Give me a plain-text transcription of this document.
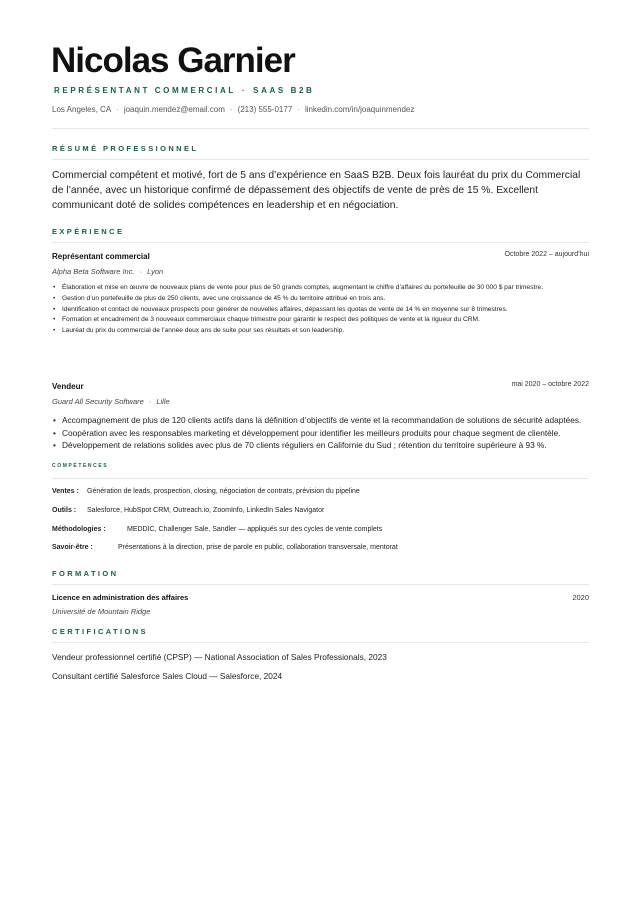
Nicolas Garnier
REPRÉSENTANT COMMERCIAL · SAAS B2B
Los Angeles, CA · joaquin.mendez@email.com · (213) 555-0177 · linkedin.com/in/joaquinmendez
RÉSUMÉ PROFESSIONNEL
Commercial compétent et motivé, fort de 5 ans d’expérience en SaaS B2B. Deux fois lauréat du prix du Commercial de l’année, avec un historique confirmé de dépassement des objectifs de vente de près de 15 %. Excellent communicant doté de solides compétences en leadership et en négociation.
EXPÉRIENCE
Représentant commercial	Octobre 2022 – aujourd’hui
Alpha Beta Software Inc. · Lyon
• Élaboration et mise en œuvre de nouveaux plans de vente pour plus de 50 grands comptes, augmentant le chiffre d’affaires du portefeuille de 30 000 $ par trimestre.
• Gestion d’un portefeuille de plus de 250 clients, avec une croissance de 45 % du territoire attribué en trois ans.
• Identification et contact de nouveaux prospects pour générer de nouvelles affaires, dépassant les quotas de vente de 14 % en moyenne sur 8 trimestres.
• Formation et encadrement de 3 nouveaux commerciaux chaque trimestre pour garantir le respect des politiques de vente et la rigueur du CRM.
• Lauréat du prix du commercial de l’année deux ans de suite pour ses résultats et son leadership.
Vendeur	mai 2020 – octobre 2022
Guard All Security Software · Lille
• Accompagnement de plus de 120 clients actifs dans la définition d’objectifs de vente et la recommandation de solutions de sécurité adaptées.
• Coopération avec les responsables marketing et développement pour identifier les meilleurs produits pour chaque segment de clientèle.
• Développement de relations solides avec plus de 70 clients réguliers en Californie du Sud ; rétention du territoire supérieure à 93 %.
COMPÉTENCES
Ventes : Génération de leads, prospection, closing, négociation de contrats, prévision du pipeline
Outils : Salesforce, HubSpot CRM, Outreach.io, ZoomInfo, LinkedIn Sales Navigator
Méthodologies :	MEDDIC, Challenger Sale, Sandler — appliqués sur des cycles de vente complets
Savoir-être :	Présentations à la direction, prise de parole en public, collaboration transversale, mentorat
FORMATION
Licence en administration des affaires	2020
Université de Mountain Ridge
CERTIFICATIONS
Vendeur professionnel certifié (CPSP) — National Association of Sales Professionals, 2023
Consultant certifié Salesforce Sales Cloud — Salesforce, 2024
